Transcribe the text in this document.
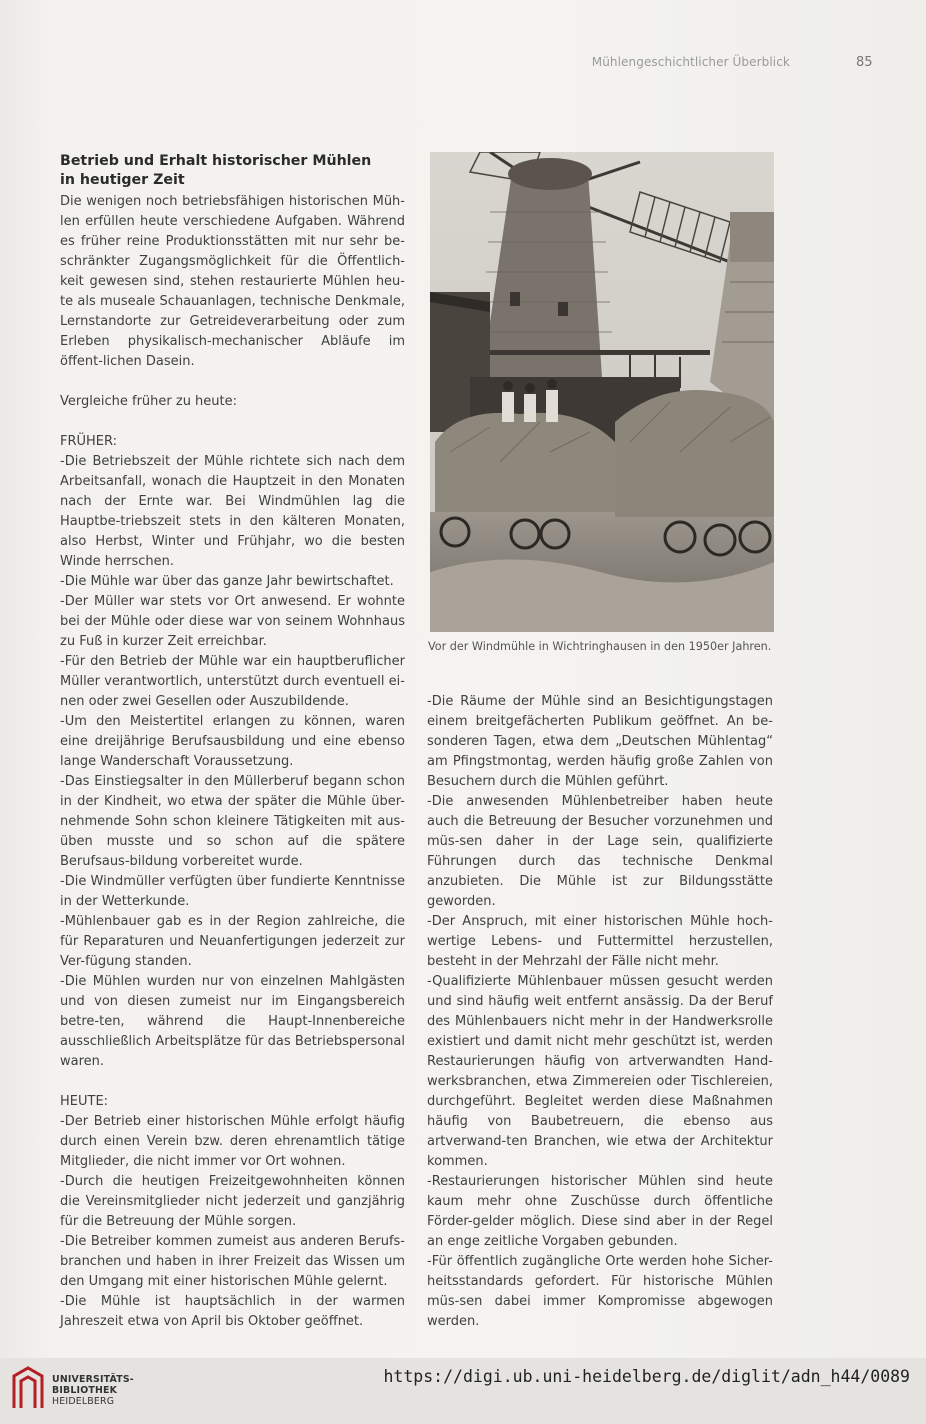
Mühlengeschichtlicher Überblick	85
Betrieb und Erhalt historischer Mühlen
in heutiger Zeit

Die wenigen noch betriebsfähigen historischen Müh-len erfüllen heute verschiedene Aufgaben. Während es früher reine Produktionsstätten mit nur sehr be-schränkter Zugangsmöglichkeit für die Öffentlich-keit gewesen sind, stehen restaurierte Mühlen heu-te als museale Schauanlagen, technische Denkmale, Lernstandorte zur Getreideverarbeitung oder zum Erleben physikalisch-mechanischer Abläufe im öffent-lichen Dasein.

Vergleiche früher zu heute:

FRÜHER:

-Die Betriebszeit der Mühle richtete sich nach dem Arbeitsanfall, wonach die Hauptzeit in den Monaten nach der Ernte war. Bei Windmühlen lag die Hauptbe-triebszeit stets in den kälteren Monaten, also Herbst, Winter und Frühjahr, wo die besten Winde herrschen.

-Die Mühle war über das ganze Jahr bewirtschaftet.

-Der Müller war stets vor Ort anwesend. Er wohnte bei der Mühle oder diese war von seinem Wohnhaus zu Fuß in kurzer Zeit erreichbar.

-Für den Betrieb der Mühle war ein hauptberuflicher Müller verantwortlich, unterstützt durch eventuell ei-nen oder zwei Gesellen oder Auszubildende.

-Um den Meistertitel erlangen zu können, waren eine dreijährige Berufsausbildung und eine ebenso lange Wanderschaft Voraussetzung.

-Das Einstiegsalter in den Müllerberuf begann schon in der Kindheit, wo etwa der später die Mühle über-nehmende Sohn schon kleinere Tätigkeiten mit aus-üben musste und so schon auf die spätere Berufsaus-bildung vorbereitet wurde.

-Die Windmüller verfügten über fundierte Kenntnisse in der Wetterkunde.

-Mühlenbauer gab es in der Region zahlreiche, die für Reparaturen und Neuanfertigungen jederzeit zur Ver-fügung standen.

-Die Mühlen wurden nur von einzelnen Mahlgästen und von diesen zumeist nur im Eingangsbereich betre-ten, während die Haupt-Innenbereiche ausschließlich Arbeitsplätze für das Betriebspersonal waren.

HEUTE:

-Der Betrieb einer historischen Mühle erfolgt häufig durch einen Verein bzw. deren ehrenamtlich tätige Mitglieder, die nicht immer vor Ort wohnen.

-Durch die heutigen Freizeitgewohnheiten können die Vereinsmitglieder nicht jederzeit und ganzjährig für die Betreuung der Mühle sorgen.

-Die Betreiber kommen zumeist aus anderen Berufs-branchen und haben in ihrer Freizeit das Wissen um den Umgang mit einer historischen Mühle gelernt.

-Die Mühle ist hauptsächlich in der warmen Jahreszeit etwa von April bis Oktober geöffnet.

Vor der Windmühle in Wichtringhausen in den 1950er Jahren.

-Die Räume der Mühle sind an Besichtigungstagen einem breitgefächerten Publikum geöffnet. An be-sonderen Tagen, etwa dem „Deutschen Mühlentag“ am Pfingstmontag, werden häufig große Zahlen von Besuchern durch die Mühlen geführt.

-Die anwesenden Mühlenbetreiber haben heute auch die Betreuung der Besucher vorzunehmen und müs-sen daher in der Lage sein, qualifizierte Führungen durch das technische Denkmal anzubieten. Die Mühle ist zur Bildungsstätte geworden.

-Der Anspruch, mit einer historischen Mühle hoch-wertige Lebens- und Futtermittel herzustellen, besteht in der Mehrzahl der Fälle nicht mehr.

-Qualifizierte Mühlenbauer müssen gesucht werden und sind häufig weit entfernt ansässig. Da der Beruf des Mühlenbauers nicht mehr in der Handwerksrolle existiert und damit nicht mehr geschützt ist, werden Restaurierungen häufig von artverwandten Hand-werksbranchen, etwa Zimmereien oder Tischlereien, durchgeführt. Begleitet werden diese Maßnahmen häufig von Baubetreuern, die ebenso aus artverwand-ten Branchen, wie etwa der Architektur kommen.

-Restaurierungen historischer Mühlen sind heute kaum mehr ohne Zuschüsse durch öffentliche Förder-gelder möglich. Diese sind aber in der Regel an enge zeitliche Vorgaben gebunden.

-Für öffentlich zugängliche Orte werden hohe Sicher-heitsstandards gefordert. Für historische Mühlen müs-sen dabei immer Kompromisse abgewogen werden.

UNIVERSITÄTS-
BIBLIOTHEK
HEIDELBERG
https://digi.ub.uni-heidelberg.de/diglit/adn_h44/0089
